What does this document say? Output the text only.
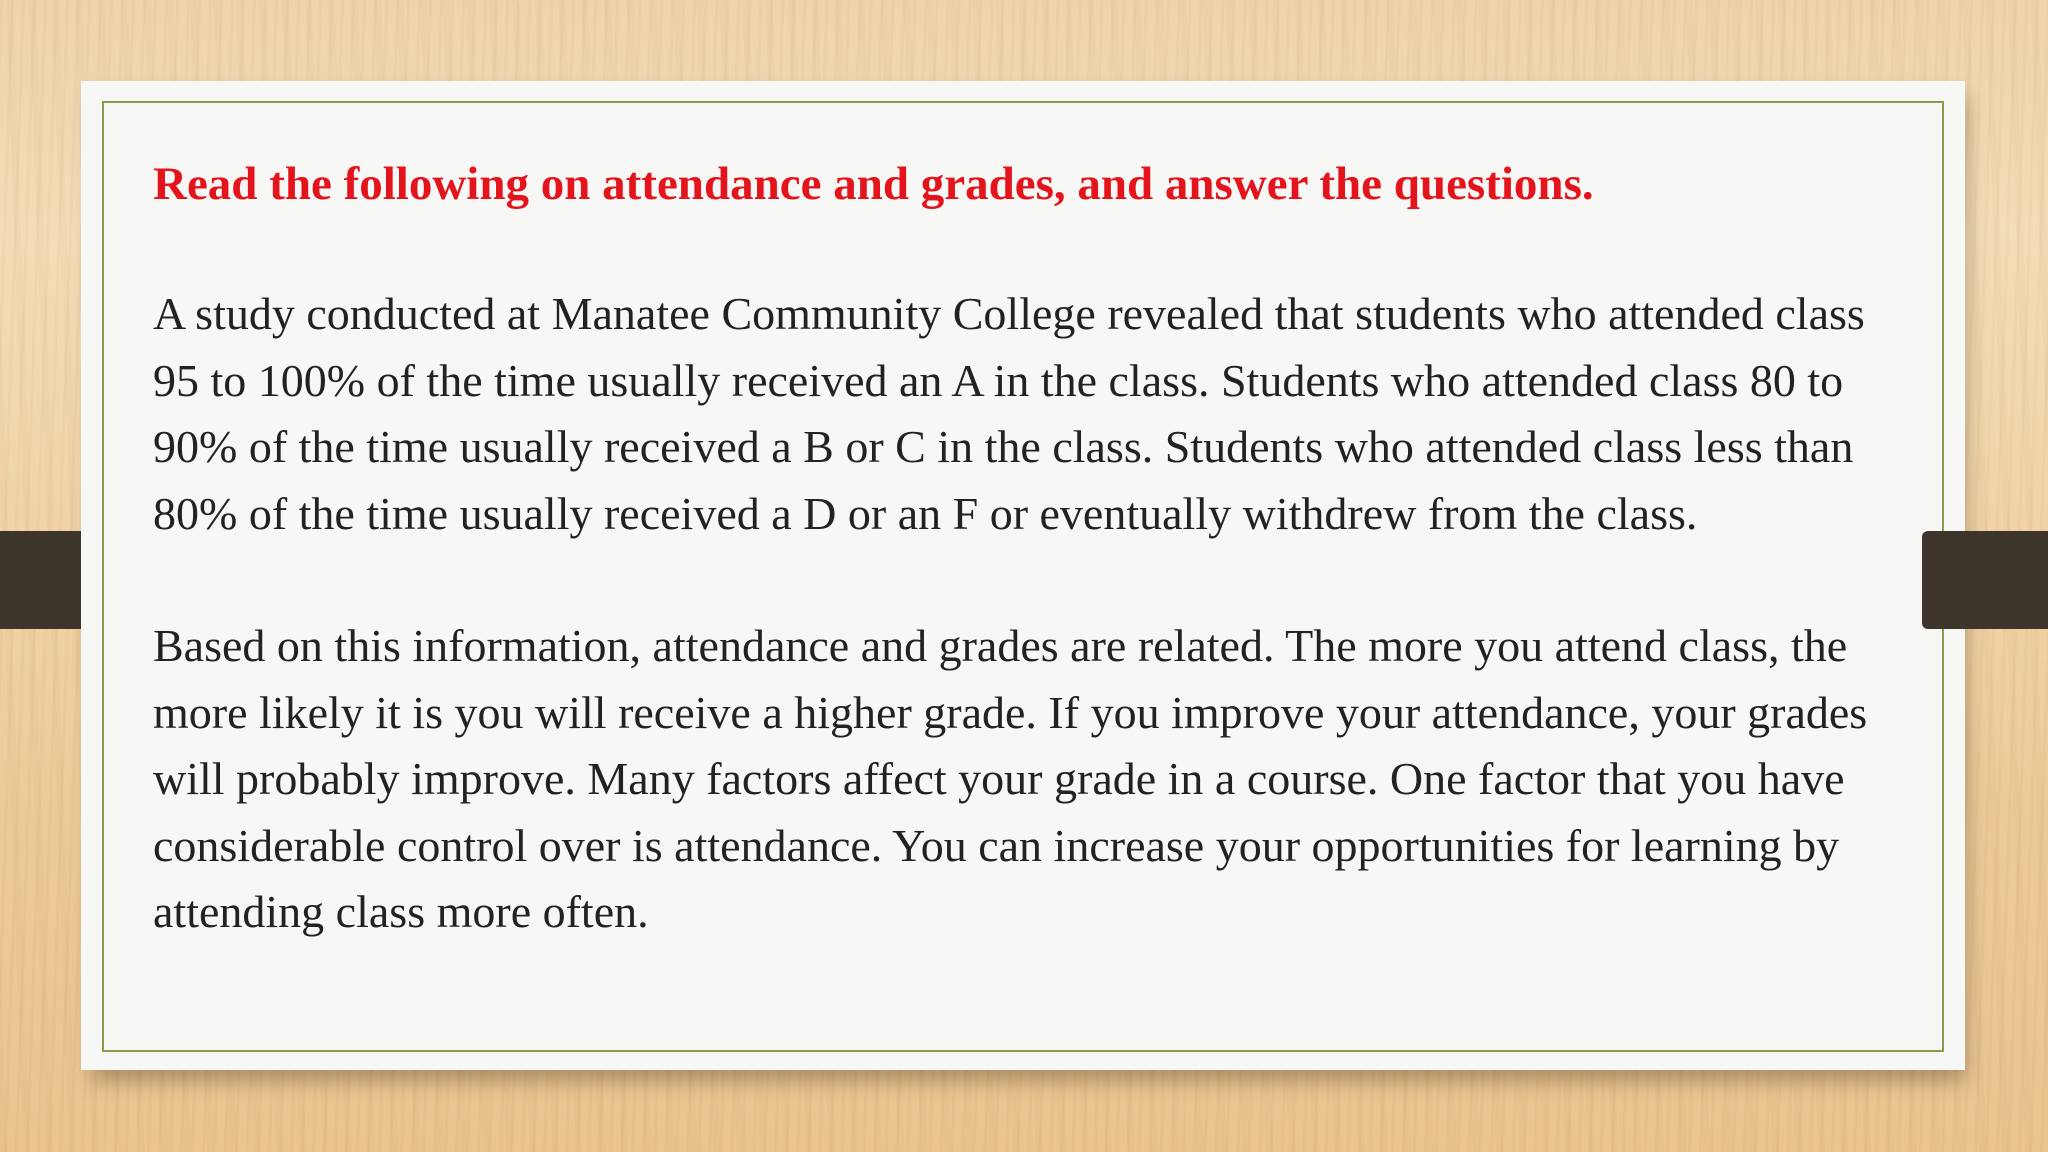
Read the following on attendance and grades, and answer the questions.

A study conducted at Manatee Community College revealed that students who attended class 95 to 100% of the time usually received an A in the class. Students who attended class 80 to 90% of the time usually received a B or C in the class. Students who attended class less than 80% of the time usually received a D or an F or eventually withdrew from the class.

Based on this information, attendance and grades are related. The more you attend class, the more likely it is you will receive a higher grade. If you improve your attendance, your grades will probably improve. Many factors affect your grade in a course. One factor that you have considerable control over is attendance. You can increase your opportunities for learning by attending class more often.
